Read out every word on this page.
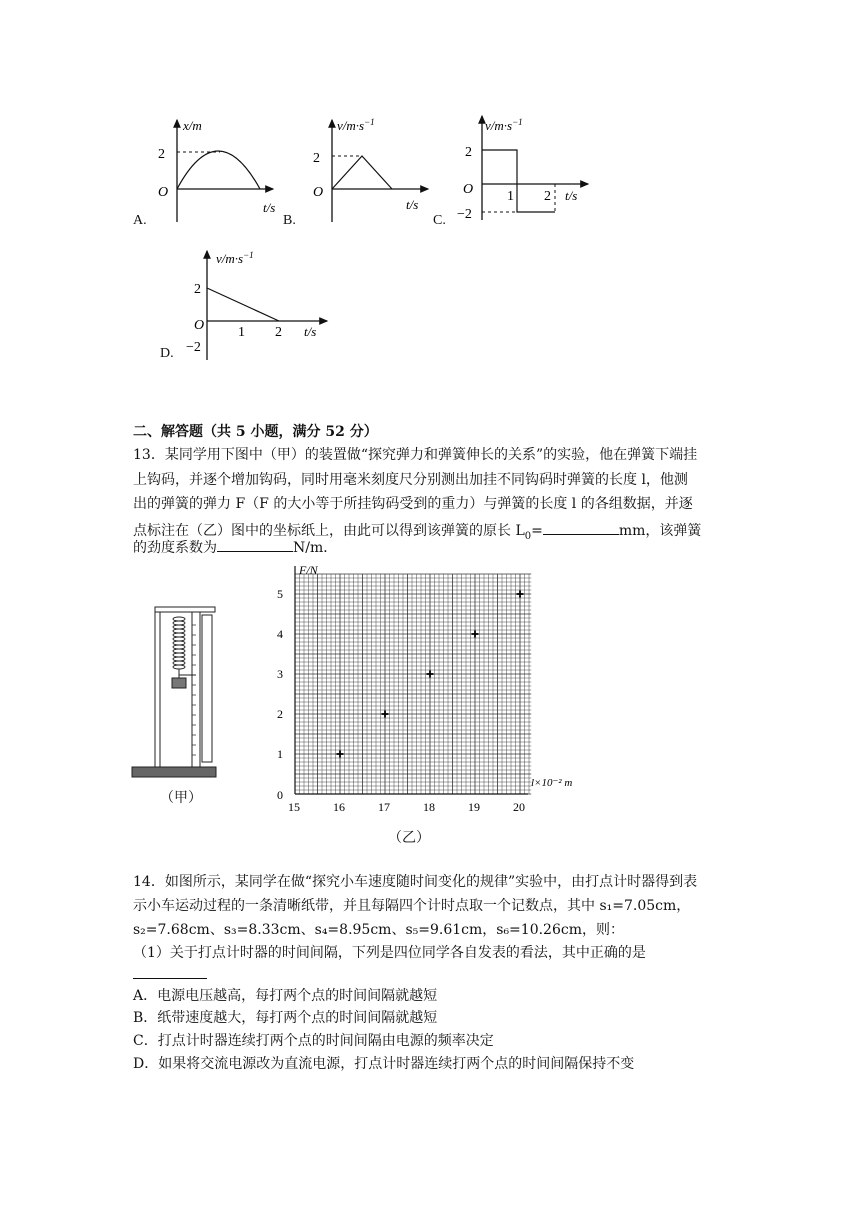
A.
x/m
2
O
t/s
B.
$v/m\cdot s^{-1}$
2
O
t/s
C.
$v/m\cdot s^{-1}$
2
O
−2
1 2 t/s
D.
$v/m\cdot s^{-1}$
2
O
−2
1 2 t/s
二、解答题（共 5 小题，满分 52 分）
13．某同学用下图中（甲）的装置做“探究弹力和弹簧伸长的关系”的实验，他在弹簧下端挂
上钩码，并逐个增加钩码，同时用毫米刻度尺分别测出加挂不同钩码时弹簧的长度 l，他测
出的弹簧的弹力 F（F 的大小等于所挂钩码受到的重力）与弹簧的长度 l 的各组数据，并逐
点标注在（乙）图中的坐标纸上，由此可以得到该弹簧的原长 $L_0=$	mm，该弹簧
的劲度系数为	N/m．
（甲）
15	16	17	18	19	20
0
1
2
3
4
5
F/N
l×10⁻² m
（乙）
14．如图所示，某同学在做“探究小车速度随时间变化的规律”实验中，由打点计时器得到表
示小车运动过程的一条清晰纸带，并且每隔四个计时点取一个记数点，其中 s₁=7.05cm，
s₂=7.68cm、s₃=8.33cm、s₄=8.95cm、s₅=9.61cm，s₆=10.26cm，则：
（1）关于打点计时器的时间间隔，下列是四位同学各自发表的看法，其中正确的是
A．电源电压越高，每打两个点的时间间隔就越短
B．纸带速度越大，每打两个点的时间间隔就越短
C．打点计时器连续打两个点的时间间隔由电源的频率决定
D．如果将交流电源改为直流电源，打点计时器连续打两个点的时间间隔保持不变
